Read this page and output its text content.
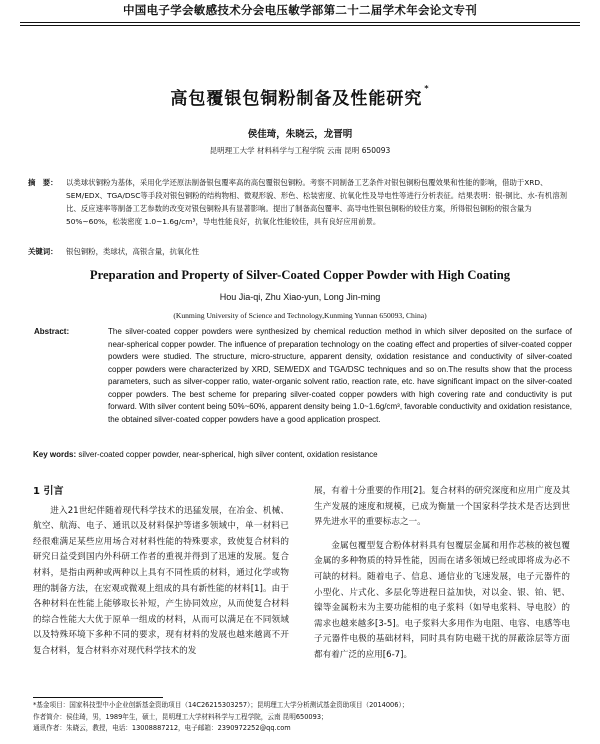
中国电子学会敏感技术分会电压敏学部第二十二届学术年会论文专刊
高包覆银包铜粉制备及性能研究*
侯佳琦，朱晓云，龙晋明
昆明理工大学 材料科学与工程学院 云南 昆明 650093
摘　要： 以类球状铜粉为基体，采用化学还原法制备银包覆率高的高包覆银包铜粉。考察不同制备工艺条件对银包铜粉包覆效果和性能的影响，借助于XRD、SEM/EDX、TGA/DSC等手段对银包铜粉的结构物相、微观形貌、形色、松装密度、抗氧化性及导电性等进行分析表征。结果表明：银-铜比、水-有机溶剂比、反应速率等制备工艺参数的改变对银包铜粉具有显著影响。提出了制备高包覆率、高导电性银包铜粉的较佳方案，所得银包铜粉的银含量为 50%~60%，松装密度 1.0~1.6g/cm³，导电性能良好，抗氧化性能较佳，具有良好应用前景。
关键词： 银包铜粉，类球状，高银含量，抗氧化性
Preparation and Property of Silver-Coated Copper Powder with High Coating
Hou Jia-qi, Zhu Xiao-yun, Long Jin-ming
(Kunming University of Science and Technology,Kunming Yunnan 650093, China)
Abstract:	The silver-coated copper powders were synthesized by chemical reduction method in which silver deposited on the surface of near-spherical copper powder. The influence of preparation technology on the coating effect and properties of silver-coated copper powders were studied. The structure, micro-structure, apparent density, oxidation resistance and conductivity of silver-coated copper powders were characterized by XRD, SEM/EDX and TGA/DSC techniques and so on.The results show that the process parameters, such as silver-copper ratio, water-organic solvent ratio, reaction rate, etc. have significant impact on the silver-coated copper powders. The best scheme for preparing silver-coated copper powders with high covering rate and conductivity is put forward. With silver content being 50%~60%, apparent density being 1.0~1.6g/cm³, favorable conductivity and oxidation resistance, the obtained silver-coated copper powders have a good application prospect.
Key words: silver-coated copper powder, near-spherical, high silver content, oxidation resistance
1 引言
进入21世纪伴随着现代科学技术的迅猛发展，在冶金、机械、航空、航海、电子、通讯以及材料保护等诸多领域中，单一材料已经很难满足某些应用场合对材料性能的特殊要求，致使复合材料的研究日益受到国内外科研工作者的重视并得到了迅速的发展。复合材料，是指由两种或两种以上具有不同性质的材料，通过化学或物理的制备方法，在宏观或微观上组成的具有新性能的材料[1]。由于各种材料在性能上能够取长补短，产生协同效应，从而使复合材料的综合性能大大优于原单一组成的材料，从而可以满足在不同领域以及特殊环境下多种不同的要求，现有材料的发展也越来越离不开复合材料，复合材料亦对现代科学技术的发
展，有着十分重要的作用[2]。复合材料的研究深度和应用广度及其生产发展的速度和规模，已成为衡量一个国家科学技术是否达到世界先进水平的重要标志之一。
金属包覆型复合粉体材料具有包覆层金属和用作芯核的被包覆金属的多种物质的特异性能，因而在诸多领域已经或即将成为必不可缺的材料。随着电子、信息、通信业的飞速发展，电子元器件的小型化、片式化、多层化等进程日益加快，对以金、银、铂、钯、镍等金属粉末为主要功能相的电子浆料（如导电浆料、导电胶）的需求也越来越多[3-5]。电子浆料大多用作为电阻、电容、电感等电子元器件电极的基础材料，同时具有防电磁干扰的屏蔽涂层等方面都有着广泛的应用[6-7]。
*基金项目：国家科技型中小企业创新基金资助项目（14C26215303257）；昆明理工大学分析测试基金资助项目（2014006）；
作者简介：侯佳琦，男，1989年生，硕士，昆明理工大学材料科学与工程学院，云南 昆明650093；
通讯作者：朱晓云，教授，电话：13008887212，电子邮箱：2390972252@qq.com
